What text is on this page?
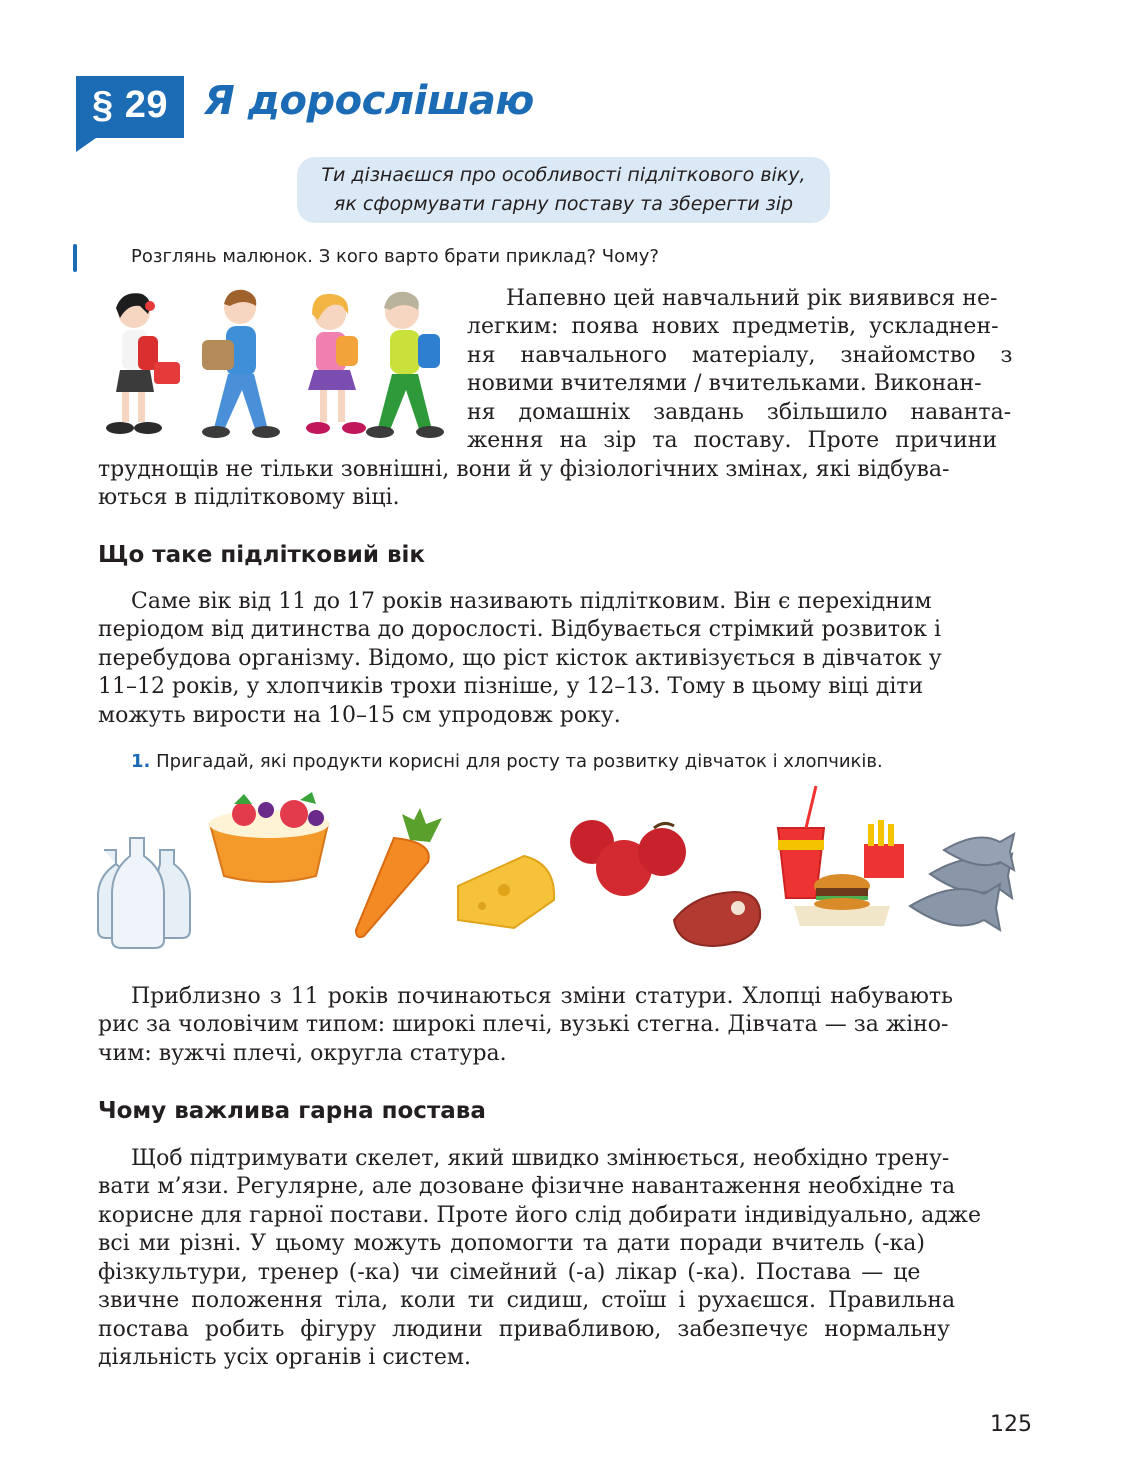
§ 29 Я дорослішаю
Ти дізнаєшся про особливості підліткового віку,
як сформувати гарну поставу та зберегти зір
Розглянь малюнок. З кого варто брати приклад? Чому?
Напевно цей навчальний рік виявився не-
легким: поява нових предметів, ускладнен-
ня навчального матеріалу, знайомство з
новими вчителями / вчительками. Виконан-
ня домашніх завдань збільшило наванта-
ження на зір та поставу. Проте причини
труднощів не тільки зовнішні, вони й у фізіологічних змінах, які відбува-
ються в підлітковому віці.
Що таке підлітковий вік
Саме вік від 11 до 17 років називають підлітковим. Він є перехідним
періодом від дитинства до дорослості. Відбувається стрімкий розвиток і
перебудова організму. Відомо, що ріст кісток активізується в дівчаток у
11–12 років, у хлопчиків трохи пізніше, у 12–13. Тому в цьому віці діти
можуть вирости на 10–15 см упродовж року.
1. Пригадай, які продукти корисні для росту та розвитку дівчаток і хлопчиків.
Приблизно з 11 років починаються зміни статури. Хлопці набувають
рис за чоловічим типом: широкі плечі, вузькі стегна. Дівчата — за жіно-
чим: вужчі плечі, округла статура.
Чому важлива гарна постава
Щоб підтримувати скелет, який швидко змінюється, необхідно трену-
вати м’язи. Регулярне, але дозоване фізичне навантаження необхідне та
корисне для гарної постави. Проте його слід добирати індивідуально, адже
всі ми різні. У цьому можуть допомогти та дати поради вчитель (-ка)
фізкультури, тренер (-ка) чи сімейний (-а) лікар (-ка). Постава — це
звичне положення тіла, коли ти сидиш, стоїш і рухаєшся. Правильна
постава робить фігуру людини привабливою, забезпечує нормальну
діяльність усіх органів і систем.
125
